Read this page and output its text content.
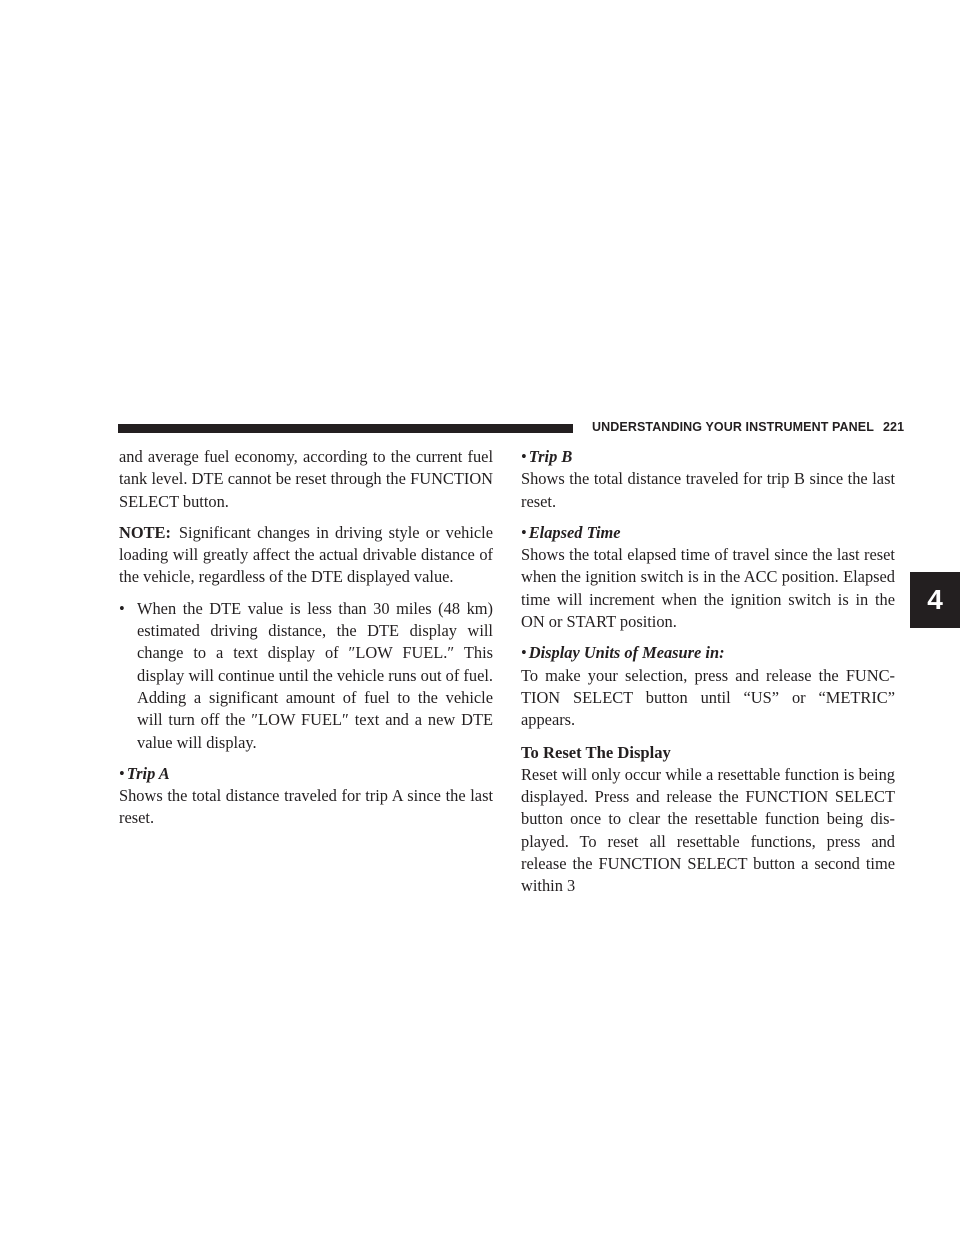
UNDERSTANDING YOUR INSTRUMENT PANEL 221
4

and average fuel economy, according to the current fuel tank level. DTE cannot be reset through the FUNCTION SELECT button.

NOTE: Significant changes in driving style or vehicle loading will greatly affect the actual drivable distance of the vehicle, regardless of the DTE displayed value.

• When the DTE value is less than 30 miles (48 km) estimated driving distance, the DTE display will change to a text display of ″LOW FUEL.″ This display will continue until the vehicle runs out of fuel. Adding a significant amount of fuel to the vehicle will turn off the ″LOW FUEL″ text and a new DTE value will display.

• Trip A

Shows the total distance traveled for trip A since the last reset.

• Trip B

Shows the total distance traveled for trip B since the last reset.

• Elapsed Time

Shows the total elapsed time of travel since the last reset when the ignition switch is in the ACC position. Elapsed time will increment when the ignition switch is in the ON or START position.

• Display Units of Measure in:

To make your selection, press and release the FUNC-TION SELECT button until “US” or “METRIC” appears.

To Reset The Display

Reset will only occur while a resettable function is being displayed. Press and release the FUNCTION SELECT button once to clear the resettable function being dis-played. To reset all resettable functions, press and release the FUNCTION SELECT button a second time within 3
